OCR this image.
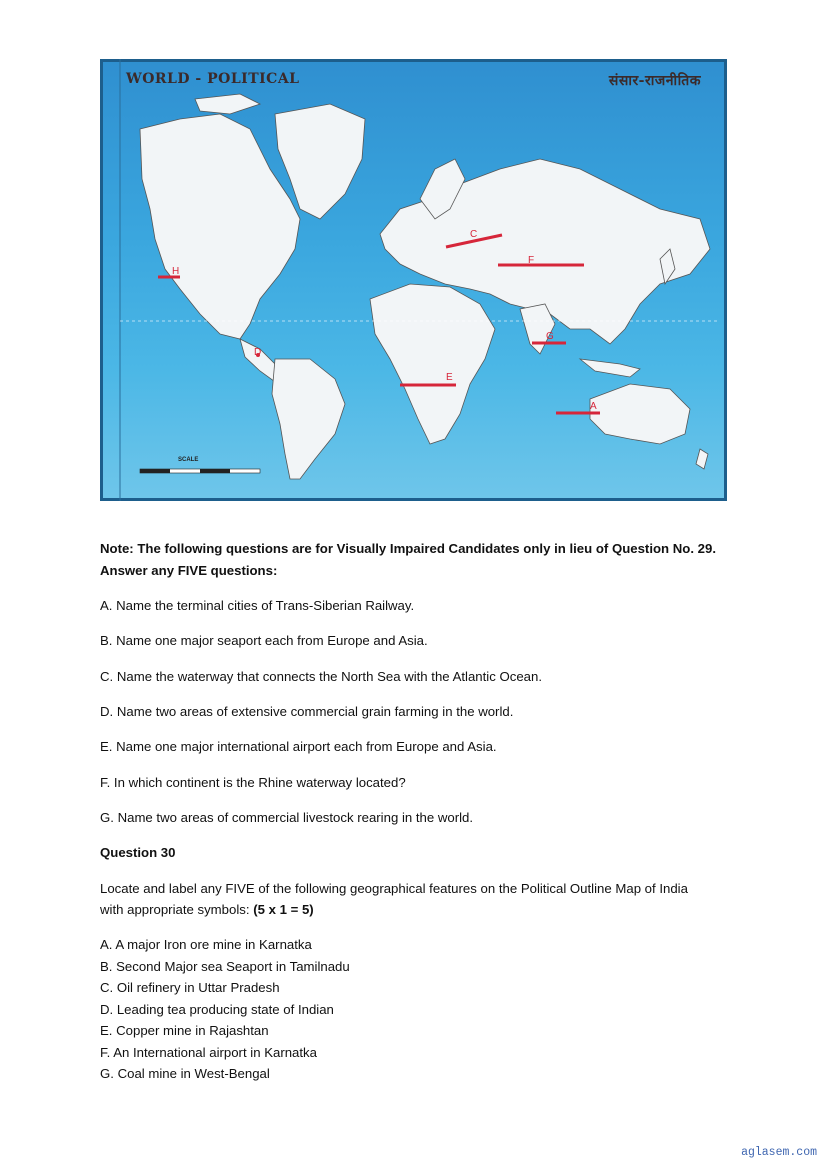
WORLD - POLITICAL	संसार-राजनीतिक
H
C
F
G
D
E
A
SCALE
Note: The following questions are for Visually Impaired Candidates only in lieu of Question No. 29.
Answer any FIVE questions:
A. Name the terminal cities of Trans-Siberian Railway.
B. Name one major seaport each from Europe and Asia.
C. Name the waterway that connects the North Sea with the Atlantic Ocean.
D. Name two areas of extensive commercial grain farming in the world.
E. Name one major international airport each from Europe and Asia.
F. In which continent is the Rhine waterway located?
G. Name two areas of commercial livestock rearing in the world.
Question 30
Locate and label any FIVE of the following geographical features on the Political Outline Map of India
with appropriate symbols: (5 x 1 = 5)
A. A major Iron ore mine in Karnatka
B. Second Major sea Seaport in Tamilnadu
C. Oil refinery in Uttar Pradesh
D. Leading tea producing state of Indian
E. Copper mine in Rajashtan
F. An International airport in Karnatka
G. Coal mine in West-Bengal
aglasem.com
